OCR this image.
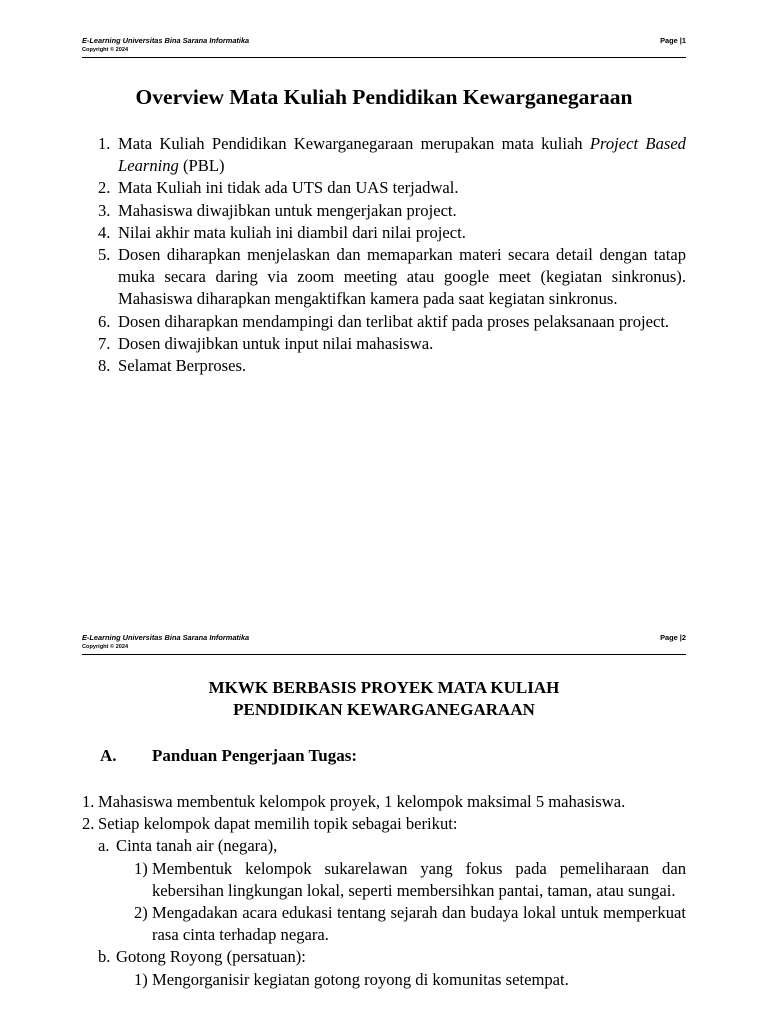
E-Learning Universitas Bina Sarana Informatika
Copyright © 2024
Page |1
Overview Mata Kuliah Pendidikan Kewarganegaraan
1. Mata Kuliah Pendidikan Kewarganegaraan merupakan mata kuliah Project Based Learning (PBL)
2. Mata Kuliah ini tidak ada UTS dan UAS terjadwal.
3. Mahasiswa diwajibkan untuk mengerjakan project.
4. Nilai akhir mata kuliah ini diambil dari nilai project.
5. Dosen diharapkan menjelaskan dan memaparkan materi secara detail dengan tatap muka secara daring via zoom meeting atau google meet (kegiatan sinkronus). Mahasiswa diharapkan mengaktifkan kamera pada saat kegiatan sinkronus.
6. Dosen diharapkan mendampingi dan terlibat aktif pada proses pelaksanaan project.
7. Dosen diwajibkan untuk input nilai mahasiswa.
8. Selamat Berproses.
E-Learning Universitas Bina Sarana Informatika
Copyright © 2024
Page |2
MKWK BERBASIS PROYEK MATA KULIAH
PENDIDIKAN KEWARGANEGARAAN
A. Panduan Pengerjaan Tugas:
1. Mahasiswa membentuk kelompok proyek, 1 kelompok maksimal 5 mahasiswa.
2. Setiap kelompok dapat memilih topik sebagai berikut:
a. Cinta tanah air (negara),
1) Membentuk kelompok sukarelawan yang fokus pada pemeliharaan dan kebersihan lingkungan lokal, seperti membersihkan pantai, taman, atau sungai.
2) Mengadakan acara edukasi tentang sejarah dan budaya lokal untuk memperkuat rasa cinta terhadap negara.
b. Gotong Royong (persatuan):
1) Mengorganisir kegiatan gotong royong di komunitas setempat.
